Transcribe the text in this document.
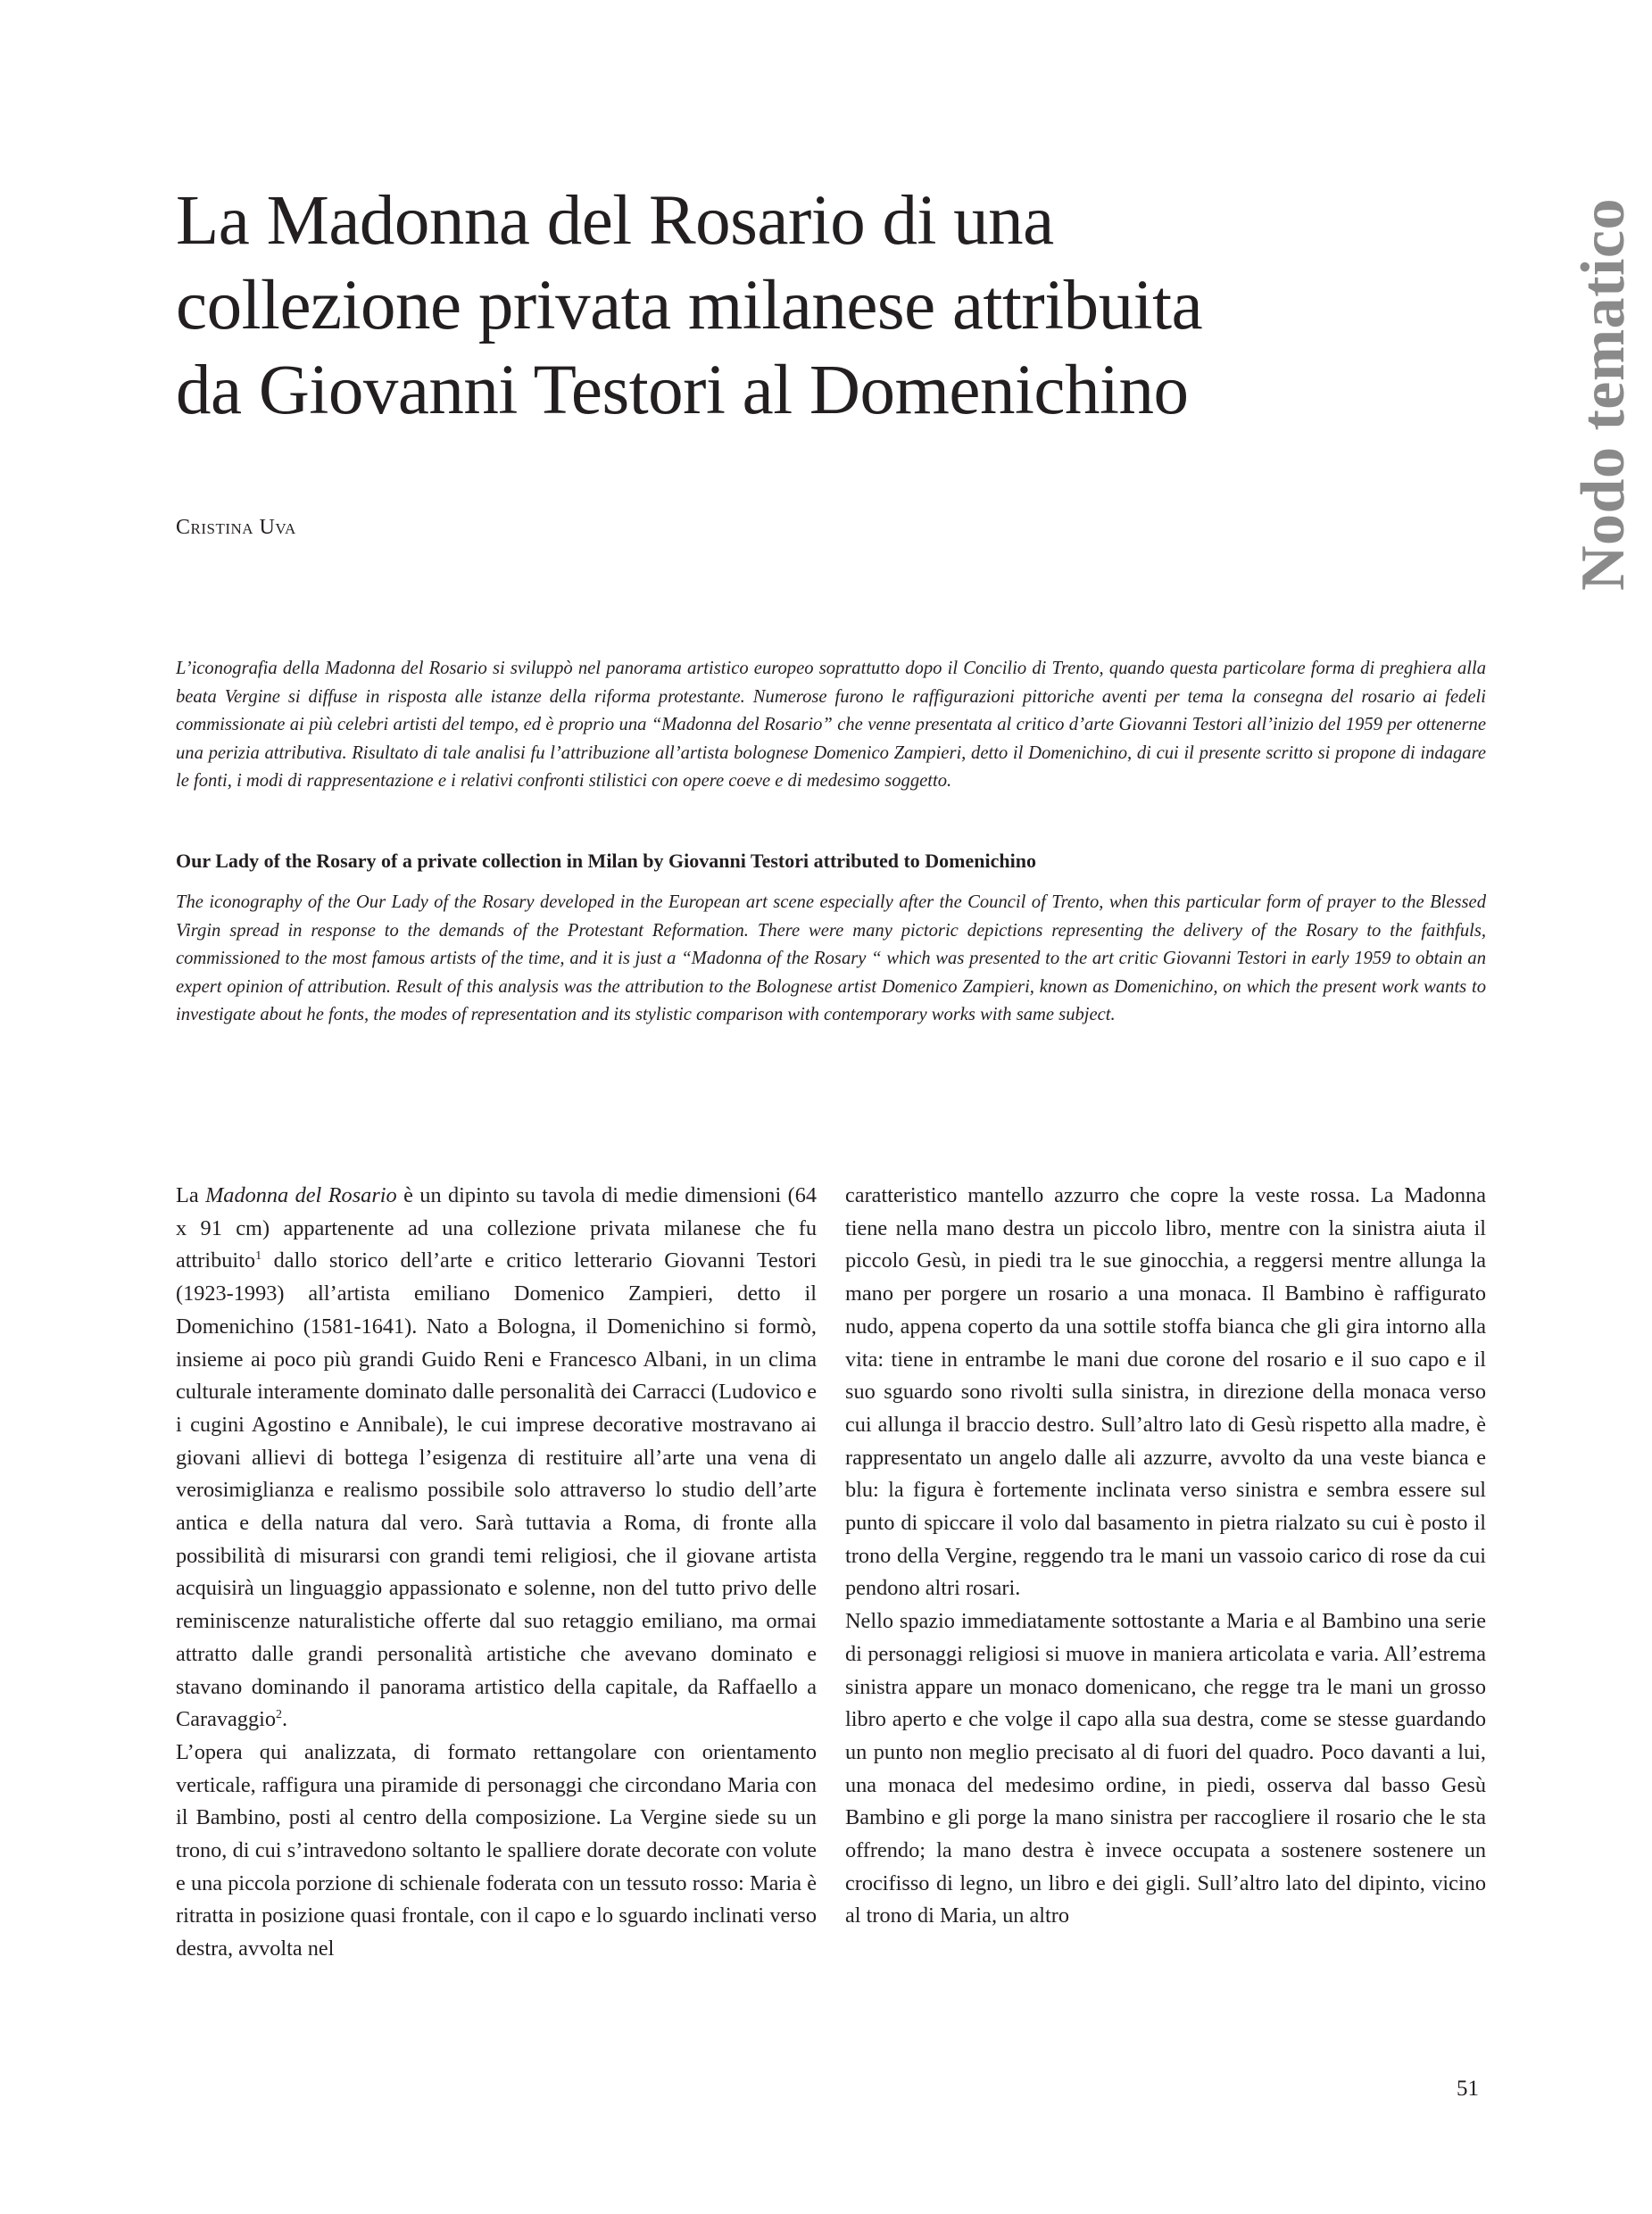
La Madonna del Rosario di una
collezione privata milanese attribuita
da Giovanni Testori al Domenichino	Nodo tematico
Cristina Uva

L’iconografia della Madonna del Rosario si sviluppò nel panorama artistico europeo soprattutto dopo il Concilio di Trento, quando questa particolare forma di preghiera alla beata Vergine si diffuse in risposta alle istanze della riforma protestante. Numerose furono le raffigurazioni pittoriche aventi per tema la consegna del rosario ai fedeli commissionate ai più celebri artisti del tempo, ed è proprio una “Madonna del Rosario” che venne presentata al critico d’arte Giovanni Testori all’inizio del 1959 per ottenerne una perizia attributiva. Risultato di tale analisi fu l’attribuzione all’artista bolognese Domenico Zampieri, detto il Domenichino, di cui il presente scritto si propone di indagare le fonti, i modi di rappresentazione e i relativi confronti stilistici con opere coeve e di medesimo soggetto.

Our Lady of the Rosary of a private collection in Milan by Giovanni Testori attributed to Domenichino

The iconography of the Our Lady of the Rosary developed in the European art scene especially after the Council of Trento, when this particular form of prayer to the Blessed Virgin spread in response to the demands of the Protestant Reformation. There were many pictoric depictions representing the delivery of the Rosary to the faithfuls, commissioned to the most famous artists of the time, and it is just a “Madonna of the Rosary “ which was presented to the art critic Giovanni Testori in early 1959 to obtain an expert opinion of attribution. Result of this analysis was the attribution to the Bolognese artist Domenico Zampieri, known as Domenichino, on which the present work wants to investigate about he fonts, the modes of representation and its stylistic comparison with contemporary works with same subject.

La Madonna del Rosario è un dipinto su tavola di medie dimensioni (64 x 91 cm) appartenente ad una collezione privata milanese che fu attribuito$^1$ dallo storico dell’arte e critico letterario Giovanni Testori (1923-1993) all’artista emiliano Domenico Zampieri, detto il Domenichino (1581-1641). Nato a Bologna, il Domenichino si formò, insieme ai poco più grandi Guido Reni e Francesco Albani, in un clima culturale interamente dominato dalle personalità dei Carracci (Ludovico e i cugini Agostino e Annibale), le cui imprese decorative mostravano ai giovani allievi di bottega l’esigenza di restituire all’arte una vena di verosimiglianza e realismo possibile solo attraverso lo studio dell’arte antica e della natura dal vero. Sarà tuttavia a Roma, di fronte alla possibilità di misurarsi con grandi temi religiosi, che il giovane artista acquisirà un linguaggio appassionato e solenne, non del tutto privo delle reminiscenze naturalistiche offerte dal suo retaggio emiliano, ma ormai attratto dalle grandi personalità artistiche che avevano dominato e stavano dominando il panorama artistico della capitale, da Raffaello a Caravaggio$^2$.

L’opera qui analizzata, di formato rettangolare con orientamento verticale, raffigura una piramide di personaggi che circondano Maria con il Bambino, posti al centro della composizione. La Vergine siede su un trono, di cui s’intravedono soltanto le spalliere dorate decorate con volute e una piccola porzione di schienale foderata con un tessuto rosso: Maria è ritratta in posizione quasi frontale, con il capo e lo sguardo inclinati verso destra, avvolta nel

caratteristico mantello azzurro che copre la veste rossa. La Madonna tiene nella mano destra un piccolo libro, mentre con la sinistra aiuta il piccolo Gesù, in piedi tra le sue ginocchia, a reggersi mentre allunga la mano per porgere un rosario a una monaca. Il Bambino è raffigurato nudo, appena coperto da una sottile stoffa bianca che gli gira intorno alla vita: tiene in entrambe le mani due corone del rosario e il suo capo e il suo sguardo sono rivolti sulla sinistra, in direzione della monaca verso cui allunga il braccio destro. Sull’altro lato di Gesù rispetto alla madre, è rappresentato un angelo dalle ali azzurre, avvolto da una veste bianca e blu: la figura è fortemente inclinata verso sinistra e sembra essere sul punto di spiccare il volo dal basamento in pietra rialzato su cui è posto il trono della Vergine, reggendo tra le mani un vassoio carico di rose da cui pendono altri rosari.

Nello spazio immediatamente sottostante a Maria e al Bambino una serie di personaggi religiosi si muove in maniera articolata e varia. All’estrema sinistra appare un monaco domenicano, che regge tra le mani un grosso libro aperto e che volge il capo alla sua destra, come se stesse guardando un punto non meglio precisato al di fuori del quadro. Poco davanti a lui, una monaca del medesimo ordine, in piedi, osserva dal basso Gesù Bambino e gli porge la mano sinistra per raccogliere il rosario che le sta offrendo; la mano destra è invece occupata a sostenere sostenere un crocifisso di legno, un libro e dei gigli. Sull’altro lato del dipinto, vicino al trono di Maria, un altro

51
